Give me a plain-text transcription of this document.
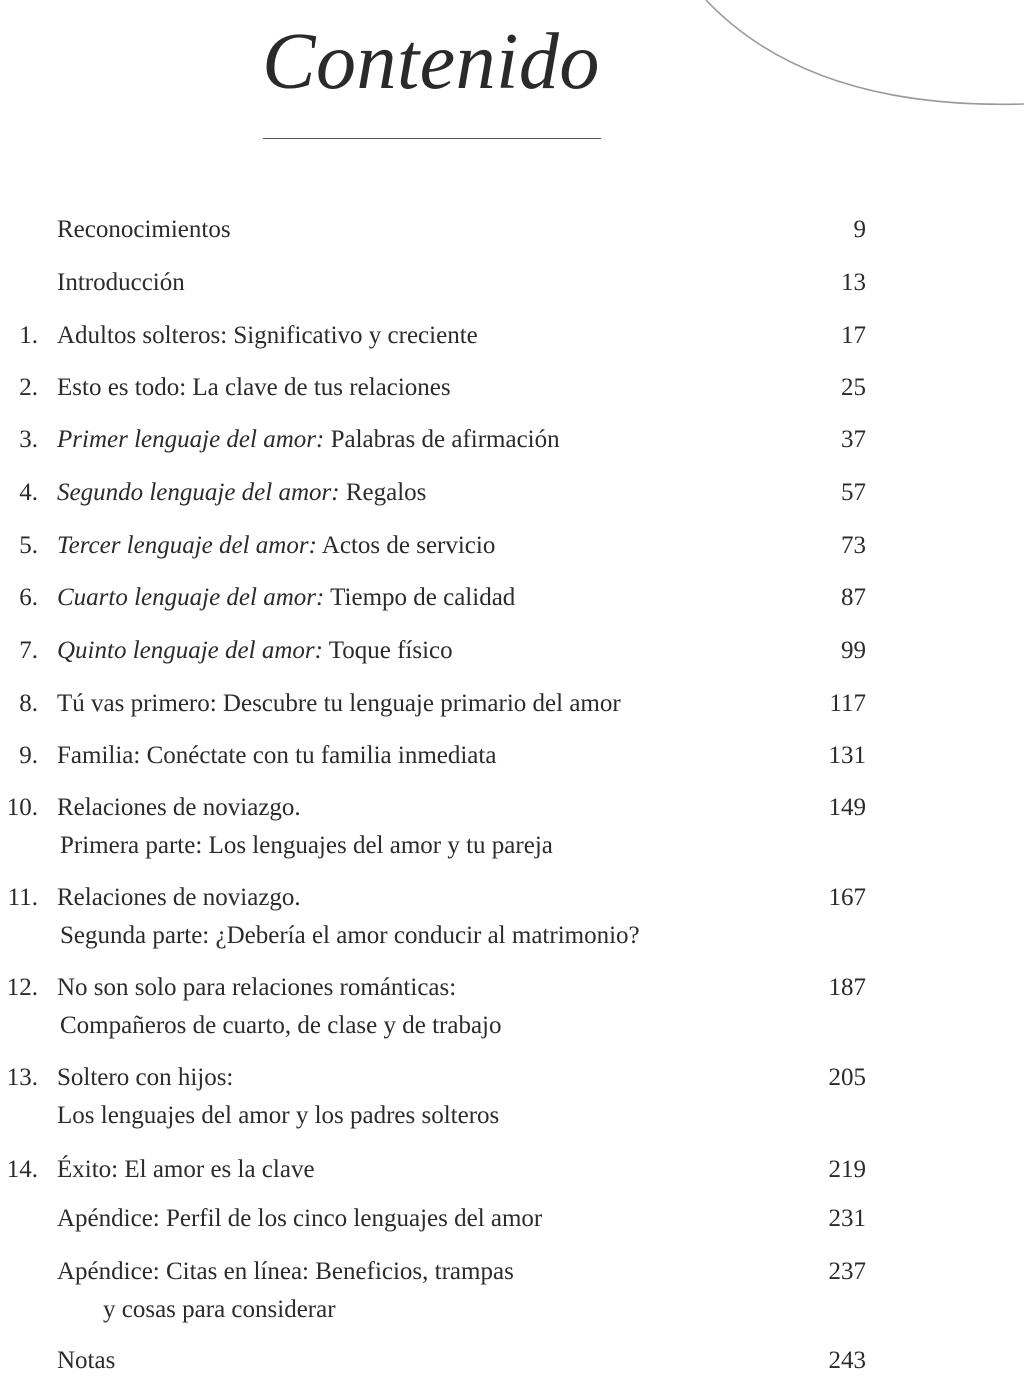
Contenido
Reconocimientos	9
Introducción	13
1. Adultos solteros: Significativo y creciente	17
2. Esto es todo: La clave de tus relaciones	25
3. Primer lenguaje del amor: Palabras de afirmación	37
4. Segundo lenguaje del amor: Regalos	57
5. Tercer lenguaje del amor: Actos de servicio	73
6. Cuarto lenguaje del amor: Tiempo de calidad	87
7. Quinto lenguaje del amor: Toque físico	99
8. Tú vas primero: Descubre tu lenguaje primario del amor	117
9. Familia: Conéctate con tu familia inmediata	131
10. Relaciones de noviazgo.	149
Primera parte: Los lenguajes del amor y tu pareja
11. Relaciones de noviazgo.	167
Segunda parte: ¿Debería el amor conducir al matrimonio?
12. No son solo para relaciones románticas:	187
Compañeros de cuarto, de clase y de trabajo
13. Soltero con hijos:	205
Los lenguajes del amor y los padres solteros
14. Éxito: El amor es la clave	219
Apéndice: Perfil de los cinco lenguajes del amor	231
Apéndice: Citas en línea: Beneficios, trampas	237
y cosas para considerar
Notas	243
